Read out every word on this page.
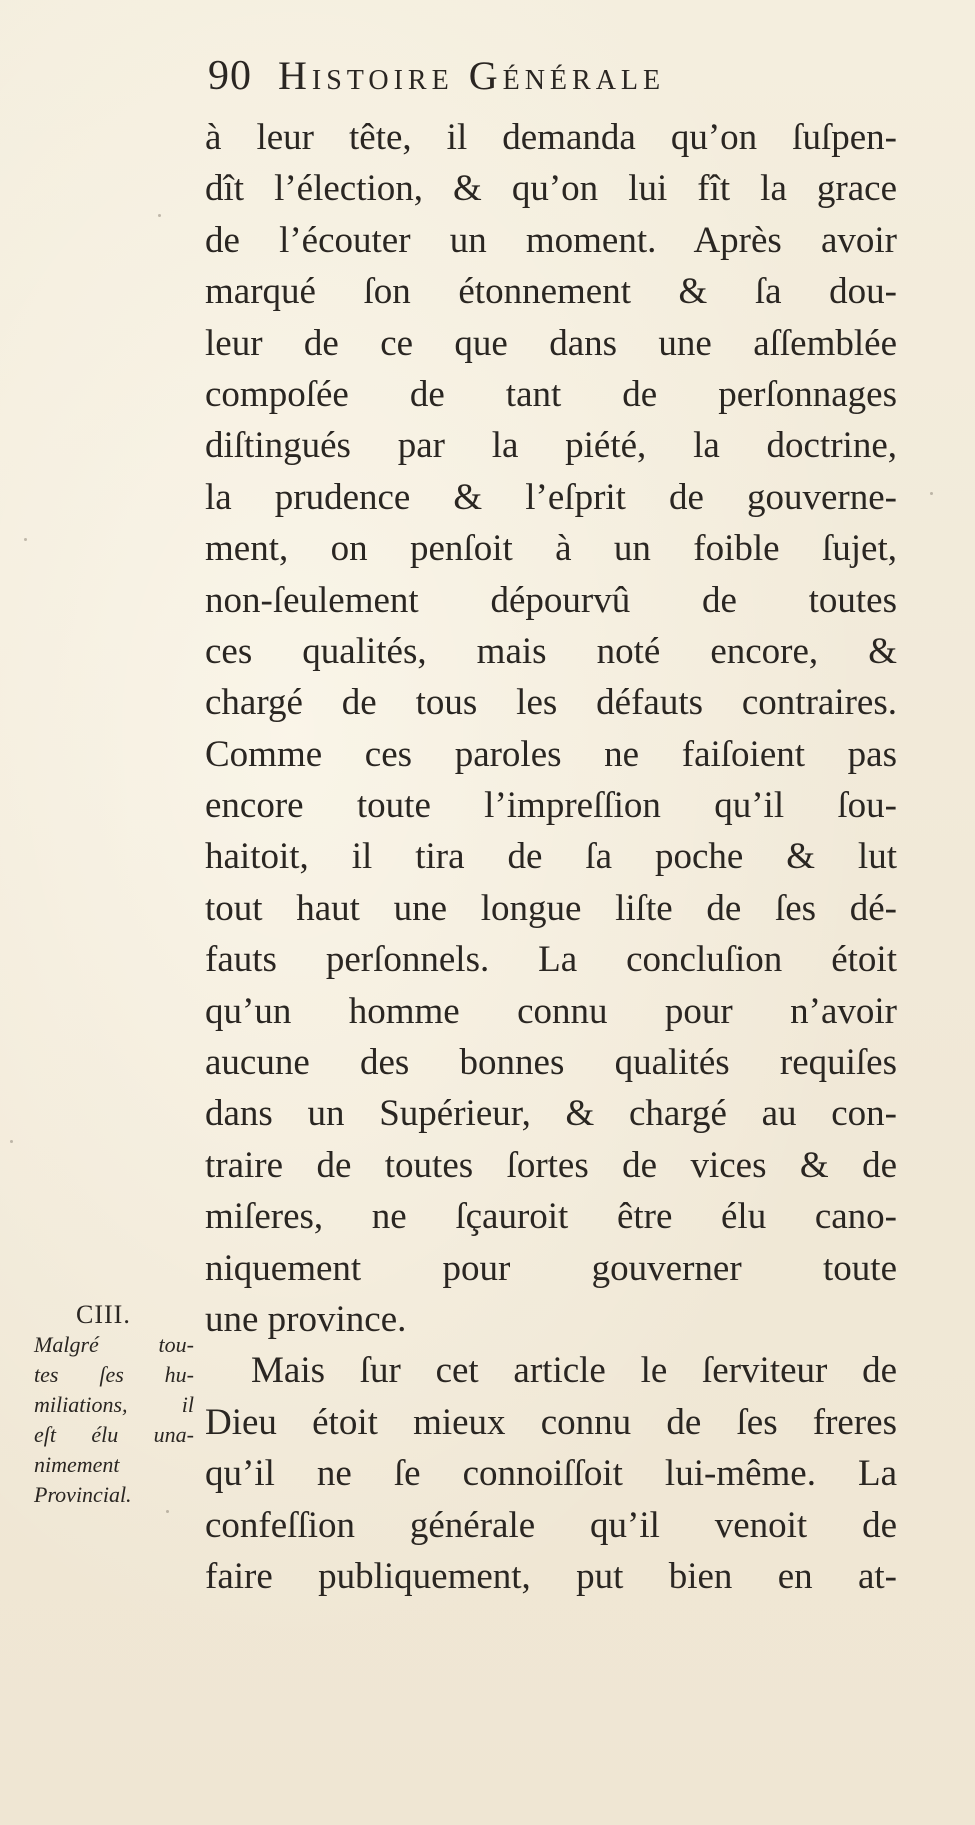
90 Histoire Générale
à leur tête, il demanda qu’on ſuſpen-
dît l’élection, & qu’on lui fît la grace
de l’écouter un moment. Après avoir
marqué ſon étonnement & ſa dou-
leur de ce que dans une aſſemblée
compoſée de tant de perſonnages
diſtingués par la piété, la doctrine,
la prudence & l’eſprit de gouverne-
ment, on penſoit à un foible ſujet,
non-ſeulement dépourvû de toutes
ces qualités, mais noté encore, &
chargé de tous les défauts contraires.
Comme ces paroles ne faiſoient pas
encore toute l’impreſſion qu’il ſou-
haitoit, il tira de ſa poche & lut
tout haut une longue liſte de ſes dé-
fauts perſonnels. La concluſion étoit
qu’un homme connu pour n’avoir
aucune des bonnes qualités requiſes
dans un Supérieur, & chargé au con-
traire de toutes ſortes de vices & de
miſeres, ne ſçauroit être élu cano-
niquement pour gouverner toute
une province.
Mais ſur cet article le ſerviteur de
Dieu étoit mieux connu de ſes freres
qu’il ne ſe connoiſſoit lui-même. La
confeſſion générale qu’il venoit de
faire publiquement, put bien en at-
CIII.
Malgré tou-
tes ſes hu-
miliations, il
eſt élu una-
nimement
Provincial.
